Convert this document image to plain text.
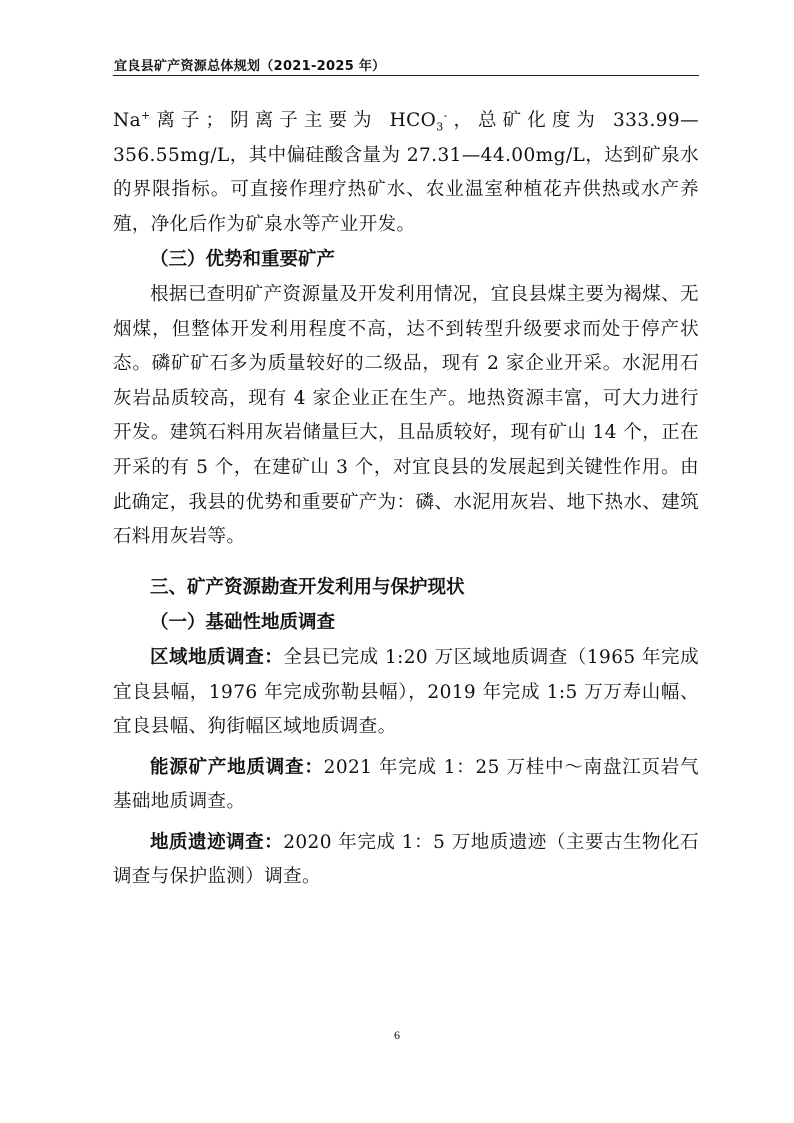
宜良县矿产资源总体规划（2021-2025 年）

Na+离子；阴离子主要为 $HCO_3^-$，总矿化度为 333.99—356.55mg/L，其中偏硅酸含量为 27.31—44.00mg/L，达到矿泉水的界限指标。可直接作理疗热矿水、农业温室种植花卉供热或水产养殖，净化后作为矿泉水等产业开发。

（三）优势和重要矿产

根据已查明矿产资源量及开发利用情况，宜良县煤主要为褐煤、无烟煤，但整体开发利用程度不高，达不到转型升级要求而处于停产状态。磷矿矿石多为质量较好的二级品，现有 2 家企业开采。水泥用石灰岩品质较高，现有 4 家企业正在生产。地热资源丰富，可大力进行开发。建筑石料用灰岩储量巨大，且品质较好，现有矿山 14 个，正在开采的有 5 个，在建矿山 3 个，对宜良县的发展起到关键性作用。由此确定，我县的优势和重要矿产为：磷、水泥用灰岩、地下热水、建筑石料用灰岩等。

三、矿产资源勘查开发利用与保护现状
（一）基础性地质调查

区域地质调查：全县已完成 1:20 万区域地质调查（1965 年完成宜良县幅，1976 年完成弥勒县幅），2019 年完成 1:5 万万寿山幅、宜良县幅、狗街幅区域地质调查。

能源矿产地质调查：2021 年完成 1：25 万桂中～南盘江页岩气基础地质调查。

地质遗迹调查：2020 年完成 1：5 万地质遗迹（主要古生物化石调查与保护监测）调查。

6
